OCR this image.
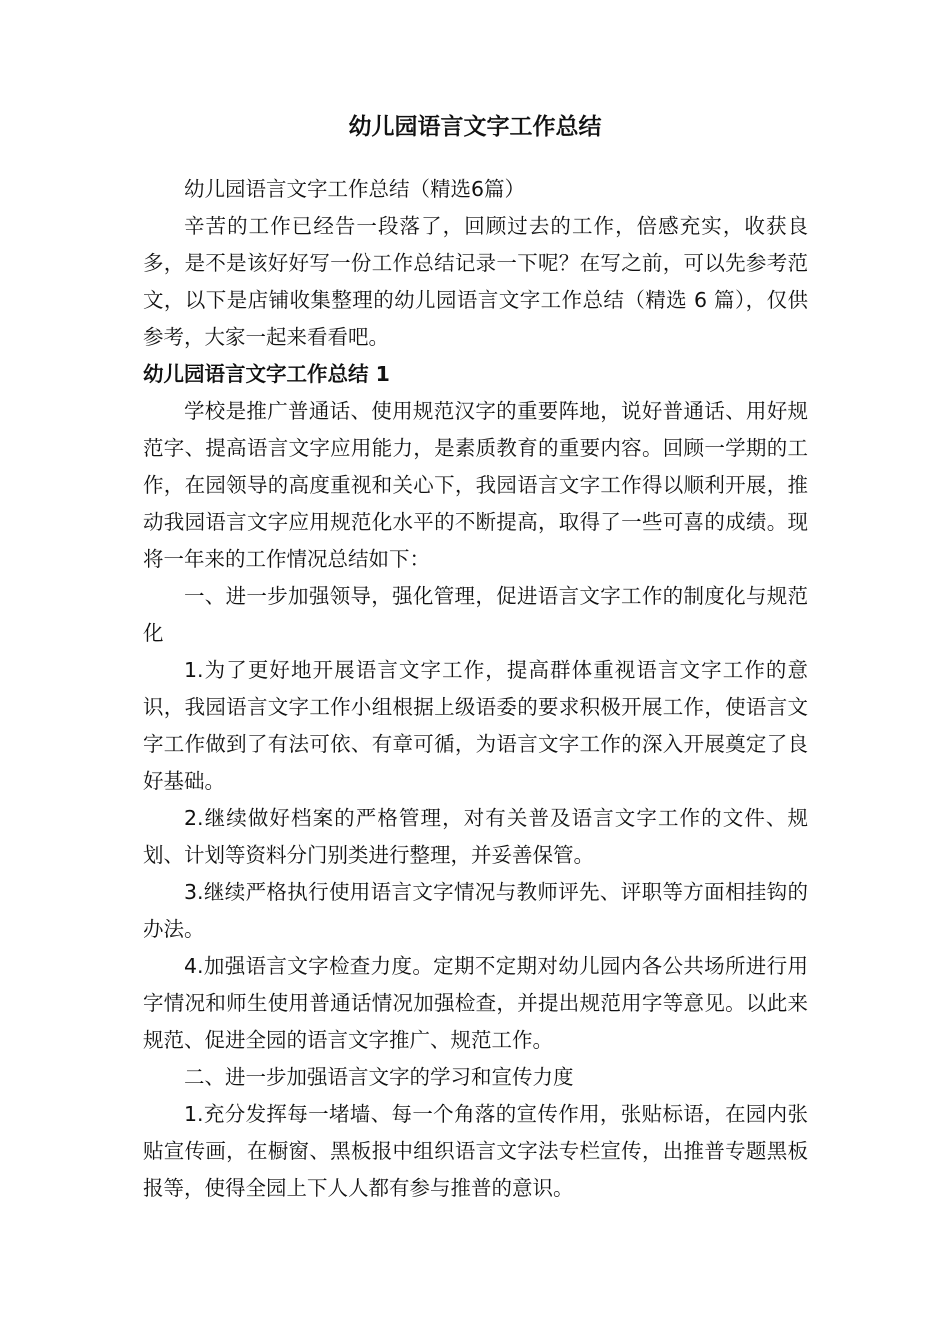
幼儿园语言文字工作总结

幼儿园语言文字工作总结（精选6篇）

辛苦的工作已经告一段落了，回顾过去的工作，倍感充实，收获良多，是不是该好好写一份工作总结记录一下呢？在写之前，可以先参考范文，以下是店铺收集整理的幼儿园语言文字工作总结（精选 6 篇），仅供参考，大家一起来看看吧。

幼儿园语言文字工作总结 1

学校是推广普通话、使用规范汉字的重要阵地，说好普通话、用好规范字、提高语言文字应用能力，是素质教育的重要内容。回顾一学期的工作，在园领导的高度重视和关心下，我园语言文字工作得以顺利开展，推动我园语言文字应用规范化水平的不断提高，取得了一些可喜的成绩。现将一年来的工作情况总结如下：

一、进一步加强领导，强化管理，促进语言文字工作的制度化与规范化

1.为了更好地开展语言文字工作，提高群体重视语言文字工作的意识，我园语言文字工作小组根据上级语委的要求积极开展工作，使语言文字工作做到了有法可依、有章可循，为语言文字工作的深入开展奠定了良好基础。

2.继续做好档案的严格管理，对有关普及语言文字工作的文件、规划、计划等资料分门别类进行整理，并妥善保管。

3.继续严格执行使用语言文字情况与教师评先、评职等方面相挂钩的办法。

4.加强语言文字检查力度。定期不定期对幼儿园内各公共场所进行用字情况和师生使用普通话情况加强检查，并提出规范用字等意见。以此来规范、促进全园的语言文字推广、规范工作。

二、进一步加强语言文字的学习和宣传力度

1.充分发挥每一堵墙、每一个角落的宣传作用，张贴标语，在园内张贴宣传画，在橱窗、黑板报中组织语言文字法专栏宣传，出推普专题黑板报等，使得全园上下人人都有参与推普的意识。
